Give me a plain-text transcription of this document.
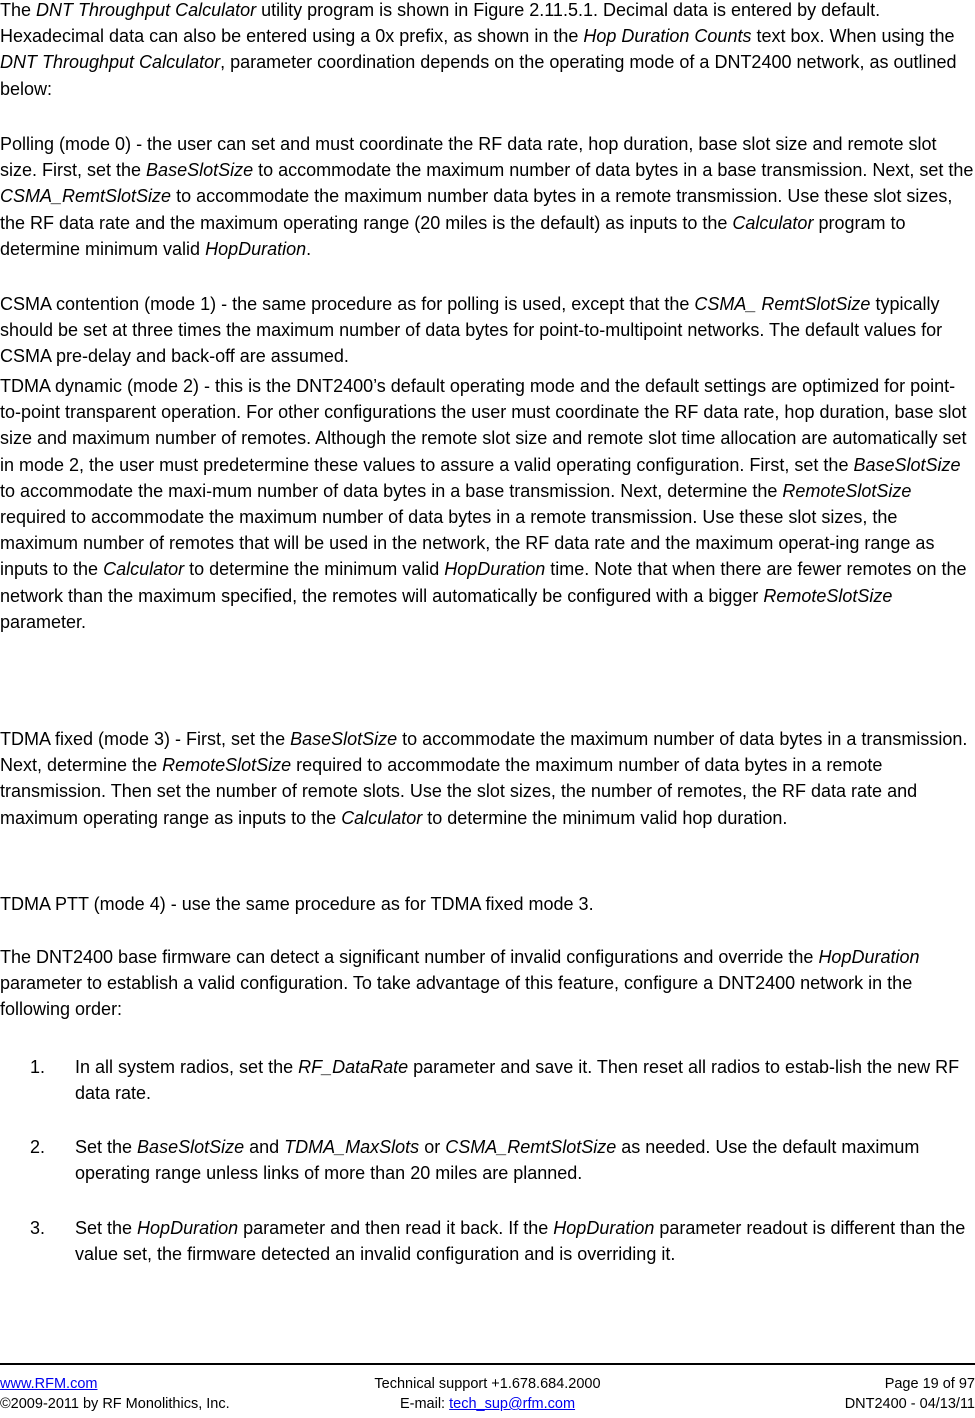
The DNT Throughput Calculator utility program is shown in Figure 2.11.5.1. Decimal data is entered by default. Hexadecimal data can also be entered using a 0x prefix, as shown in the Hop Duration Counts text box. When using the DNT Throughput Calculator, parameter coordination depends on the operating mode of a DNT2400 network, as outlined below:

Polling (mode 0) - the user can set and must coordinate the RF data rate, hop duration, base slot size and remote slot size. First, set the BaseSlotSize to accommodate the maximum number of data bytes in a base transmission. Next, set the CSMA_RemtSlotSize to accommodate the maximum number data bytes in a remote transmission. Use these slot sizes, the RF data rate and the maximum operating range (20 miles is the default) as inputs to the Calculator program to determine minimum valid HopDuration.

CSMA contention (mode 1) - the same procedure as for polling is used, except that the CSMA_ RemtSlotSize typically should be set at three times the maximum number of data bytes for point-to-multipoint networks. The default values for CSMA pre-delay and back-off are assumed.

TDMA dynamic (mode 2) - this is the DNT2400’s default operating mode and the default settings are optimized for point-to-point transparent operation. For other configurations the user must coordinate the RF data rate, hop duration, base slot size and maximum number of remotes. Although the remote slot size and remote slot time allocation are automatically set in mode 2, the user must predetermine these values to assure a valid operating configuration. First, set the BaseSlotSize to accommodate the maxi-mum number of data bytes in a base transmission. Next, determine the RemoteSlotSize required to accommodate the maximum number of data bytes in a remote transmission. Use these slot sizes, the maximum number of remotes that will be used in the network, the RF data rate and the maximum operat-ing range as inputs to the Calculator to determine the minimum valid HopDuration time. Note that when there are fewer remotes on the network than the maximum specified, the remotes will automatically be configured with a bigger RemoteSlotSize parameter.

TDMA fixed (mode 3) - First, set the BaseSlotSize to accommodate the maximum number of data bytes in a transmission. Next, determine the RemoteSlotSize required to accommodate the maximum number of data bytes in a remote transmission. Then set the number of remote slots. Use the slot sizes, the number of remotes, the RF data rate and maximum operating range as inputs to the Calculator to determine the minimum valid hop duration.

TDMA PTT (mode 4) - use the same procedure as for TDMA fixed mode 3.

The DNT2400 base firmware can detect a significant number of invalid configurations and override the HopDuration parameter to establish a valid configuration. To take advantage of this feature, configure a DNT2400 network in the following order:

1.	In all system radios, set the RF_DataRate parameter and save it. Then reset all radios to estab-lish the new RF data rate.
2.	Set the BaseSlotSize and TDMA_MaxSlots or CSMA_RemtSlotSize as needed. Use the default maximum operating range unless links of more than 20 miles are planned.
3.	Set the HopDuration parameter and then read it back. If the HopDuration parameter readout is different than the value set, the firmware detected an invalid configuration and is overriding it.
www.RFM.com
©2009-2011 by RF Monolithics, Inc.
Technical support +1.678.684.2000
E-mail: tech_sup@rfm.com
Page 19 of 97
DNT2400 - 04/13/11
